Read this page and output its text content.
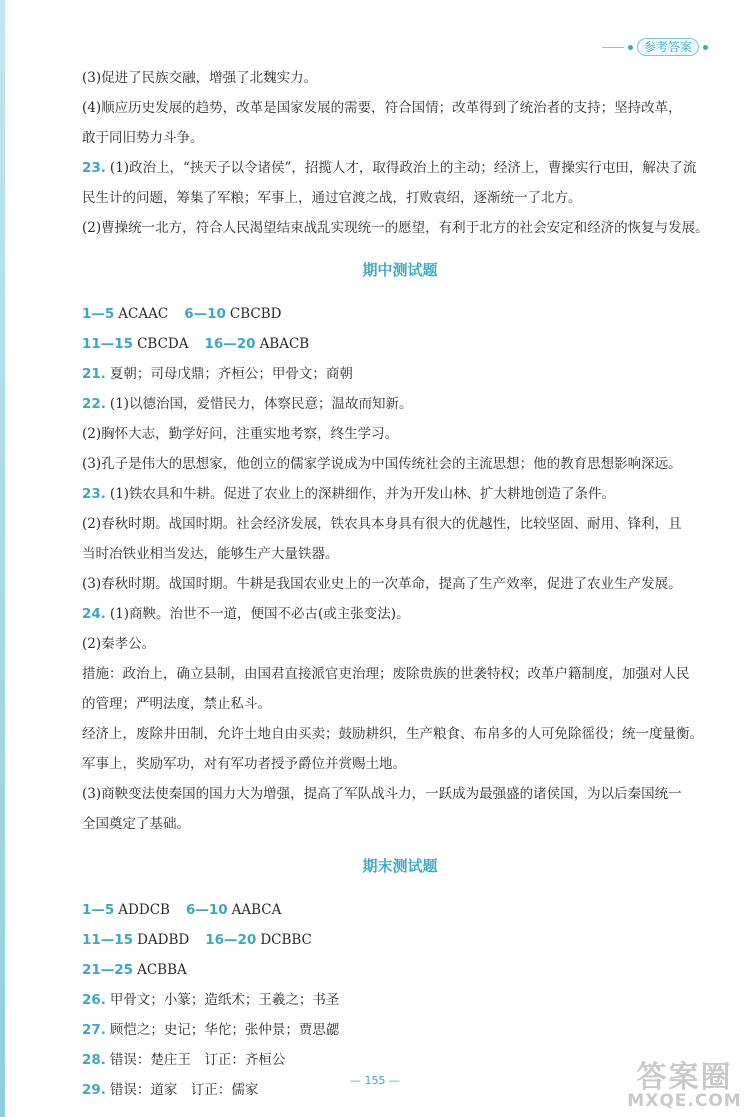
参考答案

(3)促进了民族交融，增强了北魏实力。

(4)顺应历史发展的趋势，改革是国家发展的需要，符合国情；改革得到了统治者的支持；坚持改革，

敢于同旧势力斗争。

23. (1)政治上，“挟天子以令诸侯”，招揽人才，取得政治上的主动；经济上，曹操实行屯田，解决了流

民生计的问题，筹集了军粮；军事上，通过官渡之战，打败袁绍，逐渐统一了北方。

(2)曹操统一北方，符合人民渴望结束战乱实现统一的愿望，有利于北方的社会安定和经济的恢复与发展。

期中测试题

1—5 ACAAC 6—10 CBCBD

11—15 CBCDA 16—20 ABACB

21. 夏朝；司母戊鼎；齐桓公；甲骨文；商朝

22. (1)以德治国，爱惜民力，体察民意；温故而知新。

(2)胸怀大志，勤学好问，注重实地考察，终生学习。

(3)孔子是伟大的思想家，他创立的儒家学说成为中国传统社会的主流思想；他的教育思想影响深远。

23. (1)铁农具和牛耕。促进了农业上的深耕细作，并为开发山林、扩大耕地创造了条件。

(2)春秋时期。战国时期。社会经济发展，铁农具本身具有很大的优越性，比较坚固、耐用、锋利，且

当时冶铁业相当发达，能够生产大量铁器。

(3)春秋时期。战国时期。牛耕是我国农业史上的一次革命，提高了生产效率，促进了农业生产发展。

24. (1)商鞅。治世不一道，便国不必古(或主张变法)。

(2)秦孝公。

措施：政治上，确立县制，由国君直接派官吏治理；废除贵族的世袭特权；改革户籍制度，加强对人民

的管理；严明法度，禁止私斗。

经济上，废除井田制，允许土地自由买卖；鼓励耕织，生产粮食、布帛多的人可免除徭役；统一度量衡。

军事上，奖励军功，对有军功者授予爵位并赏赐土地。

(3)商鞅变法使秦国的国力大为增强，提高了军队战斗力，一跃成为最强盛的诸侯国，为以后秦国统一

全国奠定了基础。

期末测试题

1—5 ADDCB 6—10 AABCA

11—15 DADBD 16—20 DCBBC

21—25 ACBBA

26. 甲骨文；小篆；造纸术；王羲之；书圣

27. 顾恺之；史记；华佗；张仲景；贾思勰

28. 错误：楚庄王　订正：齐桓公

29. 错误：道家　订正：儒家

— 155 —	答案圈
MXQE.COM
